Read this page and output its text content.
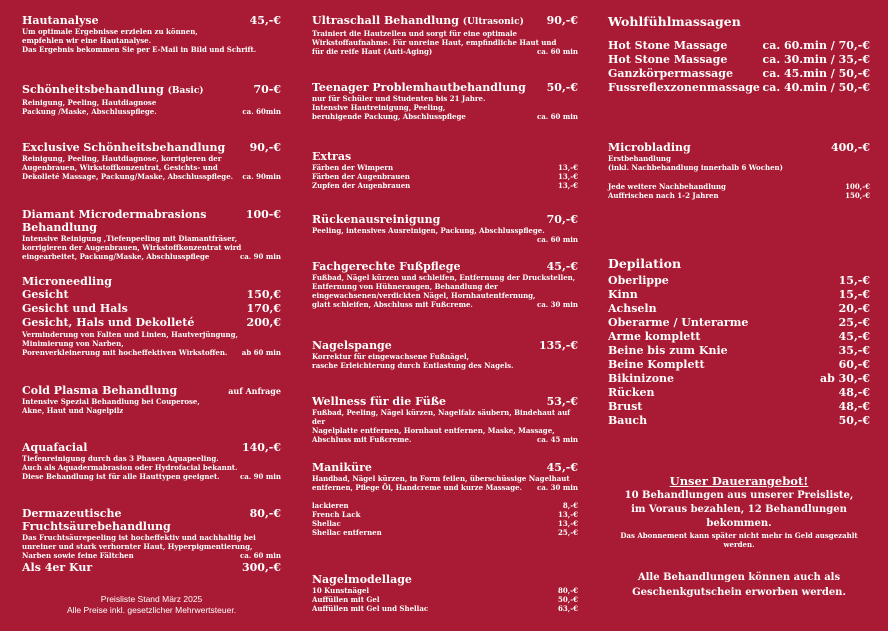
Hautanalyse	45,-€
Um optimale Ergebnisse erzielen zu können,
empfehlen wir eine Hautanalyse.
Das Ergebnis bekommen Sie per E-Mail in Bild und Schrift.
Schönheitsbehandlung (Basic)	70-€
Reinigung, Peeling, Hautdiagnose
Packung /Maske, Abschlusspflege.	ca. 60min
Exclusive Schönheitsbehandlung 90,-€
Reinigung, Peeling, Hautdiagnose, korrigieren der
Augenbrauen, Wirkstoffkonzentrat, Gesichts- und
Dekolleté Massage, Packung/Maske, Abschlusspflege. ca. 90min
Diamant Microdermabrasions Behandlung
100-€
Intensive Reinigung ,Tiefenpeeling mit Diamantfräser,
korrigieren der Augenbrauen, Wirkstoffkonzentrat wird
eingearbeitet, Packung/Maske, Abschlusspflege	ca. 90 min
Microneedling
Gesicht	150,€
Gesicht und Hals	170,€
Gesicht, Hals und Dekolleté	200,€
Verminderung von Falten und Linien, Hautverjüngung,
Minimierung von Narben,
Porenverkleinerung mit hocheffektiven Wirkstoffen. ab 60 min
Cold Plasma Behandlung	auf Anfrage
Intensive Spezial Behandlung bei Couperose,
Akne, Haut und Nagelpilz
Aquafacial	140,-€
Tiefenreinigung durch das 3 Phasen Aquapeeling.
Auch als Aquadermabrasion oder Hydrofacial bekannt.
Diese Behandlung ist für alle Hauttypen geeignet.	ca. 90 min
Dermazeutische Fruchtsäurebehandlung
80,-€
Das Fruchtsäurepeeling ist hocheffektiv und nachhaltig bei
unreiner und stark verhornter Haut, Hyperpigmentierung,
Narben sowie feine Fältchen	ca. 60 min
Als 4er Kur	300,-€
Preisliste Stand März 2025
Alle Preise inkl. gesetzlicher Mehrwertsteuer.
Ultraschall Behandlung (Ultrasonic) 90,-€
Trainiert die Hautzellen und sorgt für eine optimale
Wirkstoffaufnahme. Für unreine Haut, empfindliche Haut und
für die reife Haut (Anti-Aging)	ca. 60 min
Teenager Problemhautbehandlung 50,-€
nur für Schüler und Studenten bis 21 Jahre.
Intensive Hautreinigung, Peeling,
beruhigende Packung, Abschlusspflege	ca. 60 min
Extras
Färben der Wimpern	13,-€
Färben der Augenbrauen	13,-€
Zupfen der Augenbrauen	13,-€
Rückenausreinigung	70,-€
Peeling, intensives Ausreinigen, Packung, Abschlusspflege.
ca. 60 min
Fachgerechte Fußpflege	45,-€
Fußbad, Nägel kürzen und schleifen, Entfernung der Druckstellen,
Entfernung von Hühneraugen, Behandlung der
eingewachsenen/verdickten Nägel, Hornhautentfernung,
glatt schleifen, Abschluss mit Fußcreme.	ca. 30 min
Nagelspange	135,-€
Korrektur für eingewachsene Fußnägel,
rasche Erleichterung durch Entlastung des Nagels.
Wellness für die Füße	53,-€
Fußbad, Peeling, Nägel kürzen, Nagelfalz säubern, Bindehaut auf der
Nagelplatte entfernen, Hornhaut entfernen, Maske, Massage,
Abschluss mit Fußcreme.	ca. 45 min
Maniküre	45,-€
Handbad, Nägel kürzen, in Form feilen, überschüssige Nagelhaut
entfernen, Pflege Öl, Handcreme und kurze Massage. ca. 30 min
lackieren	8,-€
French Lack	13,-€
Shellac	13,-€
Shellac entfernen	25,-€
Nagelmodellage
10 Kunstnägel	80,-€
Auffüllen mit Gel	50,-€
Auffüllen mit Gel und Shellac	63,-€
Wohlfühlmassagen
Hot Stone Massage	ca. 60.min / 70,-€
Hot Stone Massage	ca. 30.min / 35,-€
Ganzkörpermassage	ca. 45.min / 50,-€
Fussreflexzonenmassage ca. 40.min / 50,-€
Microblading	400,-€
Erstbehandlung
(inkl. Nachbehandlung innerhalb 6 Wochen)
Jede weitere Nachbehandlung	100,-€
Auffrischen nach 1-2 Jahren	150,-€
Depilation
Oberlippe	15,-€
Kinn	15,-€
Achseln	20,-€
Oberarme / Unterarme	25,-€
Arme komplett	45,-€
Beine bis zum Knie	35,-€
Beine Komplett	60,-€
Bikinizone	ab 30,-€
Rücken	48,-€
Brust	48,-€
Bauch	50,-€
Unser Dauerangebot!
10 Behandlungen aus unserer Preisliste,
im Voraus bezahlen, 12 Behandlungen bekommen.
Das Abonnement kann später nicht mehr in Geld ausgezahlt werden.
Alle Behandlungen können auch als
Geschenkgutschein erworben werden.
